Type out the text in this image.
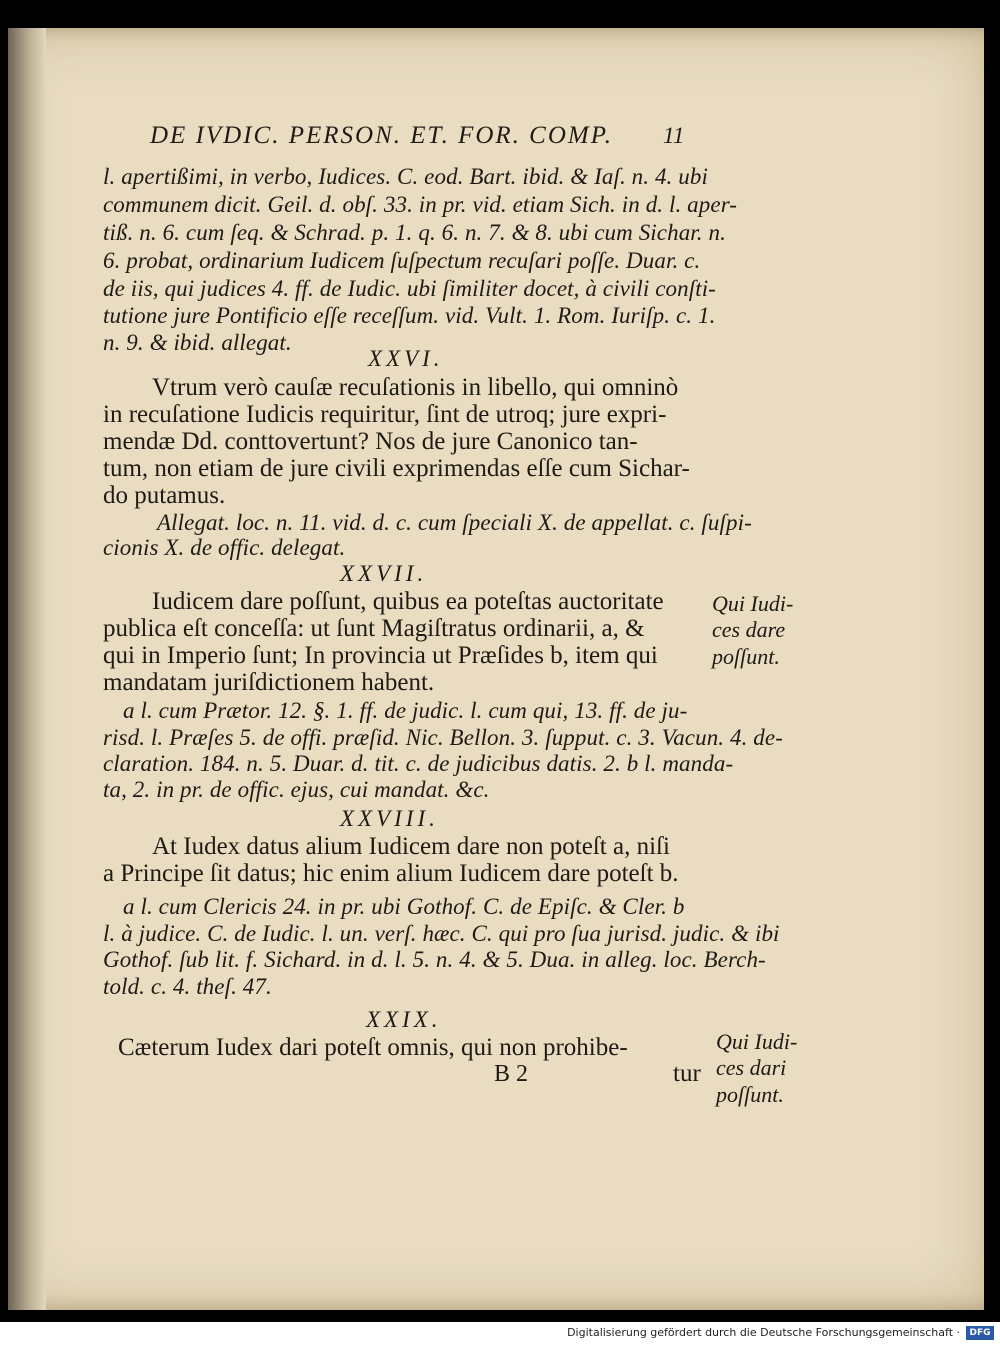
DE IVDIC. PERSON. ET. FOR. COMP. 11
l. apertißimi, in verbo, Iudices. C. eod. Bart. ibid. & Iaſ. n. 4. ubi
communem dicit. Geil. d. obſ. 33. in pr. vid. etiam Sich. in d. l. aper-
tiß. n. 6. cum ſeq. & Schrad. p. 1. q. 6. n. 7. & 8. ubi cum Sichar. n.
6. probat, ordinarium Iudicem ſuſpectum recuſari poſſe. Duar. c.
de iis, qui judices 4. ff. de Iudic. ubi ſimiliter docet, à civili conſti-
tutione jure Pontificio eſſe receſſum. vid. Vult. 1. Rom. Iuriſp. c. 1.
n. 9. & ibid. allegat.
XXVI.
Vtrum verò cauſæ recuſationis in libello, qui omninò
in recuſatione Iudicis requiritur, ſint de utroq; jure expri-
mendæ Dd. conttovertunt? Nos de jure Canonico tan-
tum, non etiam de jure civili exprimendas eſſe cum Sichar-
do putamus.
Allegat. loc. n. 11. vid. d. c. cum ſpeciali X. de appellat. c. ſuſpi-
cionis X. de offic. delegat.
XXVII.
Iudicem dare poſſunt, quibus ea poteſtas auctoritate
publica eſt conceſſa: ut ſunt Magiſtratus ordinarii, a, &
qui in Imperio ſunt; In provincia ut Præſides b, item qui
mandatam juriſdictionem habent.
a l. cum Prætor. 12. §. 1. ff. de judic. l. cum qui, 13. ff. de ju-
risd. l. Præſes 5. de offi. præſid. Nic. Bellon. 3. ſupput. c. 3. Vacun. 4. de-
claration. 184. n. 5. Duar. d. tit. c. de judicibus datis. 2. b l. manda-
ta, 2. in pr. de offic. ejus, cui mandat. &c.
Qui Iudi-
ces dare
poſſunt.
XXVIII.
At Iudex datus alium Iudicem dare non poteſt a, niſi
a Principe ſit datus; hic enim alium Iudicem dare poteſt b.
a l. cum Clericis 24. in pr. ubi Gothof. C. de Epiſc. & Cler. b
l. à judice. C. de Iudic. l. un. verſ. hæc. C. qui pro ſua jurisd. judic. & ibi
Gothof. ſub lit. f. Sichard. in d. l. 5. n. 4. & 5. Dua. in alleg. loc. Berch-
told. c. 4. theſ. 47.
XXIX.
Cæterum Iudex dari poteſt omnis, qui non prohibe-
B 2	tur
Qui Iudi-
ces dari
poſſunt.
Digitalisierung gefördert durch die Deutsche Forschungsgemeinschaft ·	DFG
